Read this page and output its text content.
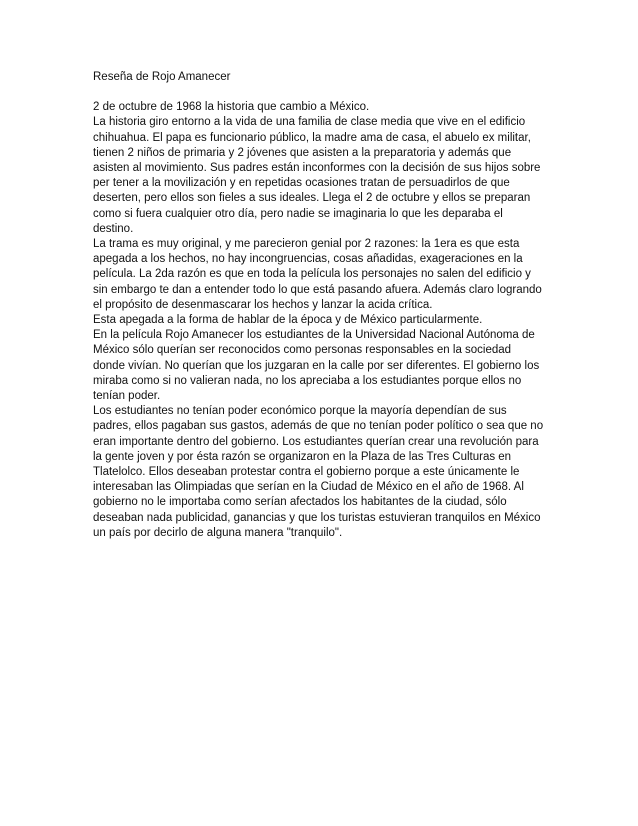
Reseña de Rojo Amanecer

2 de octubre de 1968 la historia que cambio a México.

La historia giro entorno a la vida de una familia de clase media que vive en el edificio chihuahua. El papa es funcionario público, la madre ama de casa, el abuelo ex militar, tienen 2 niños de primaria y 2 jóvenes que asisten a la preparatoria y además que asisten al movimiento. Sus padres están inconformes con la decisión de sus hijos sobre per tener a la movilización y en repetidas ocasiones tratan de persuadirlos de que deserten, pero ellos son fieles a sus ideales. Llega el 2 de octubre y ellos se preparan como si fuera cualquier otro día, pero nadie se imaginaria lo que les deparaba el destino.

La trama es muy original, y me parecieron genial por 2 razones: la 1era es que esta apegada a los hechos, no hay incongruencias, cosas añadidas, exageraciones en la película. La 2da razón es que en toda la película los personajes no salen del edificio y sin embargo te dan a entender todo lo que está pasando afuera. Además claro logrando el propósito de desenmascarar los hechos y lanzar la acida crítica.

Esta apegada a la forma de hablar de la época y de México particularmente.

En la película Rojo Amanecer los estudiantes de la Universidad Nacional Autónoma de México sólo querían ser reconocidos como personas responsables en la sociedad donde vivían. No querían que los juzgaran en la calle por ser diferentes. El gobierno los miraba como si no valieran nada, no los apreciaba a los estudiantes porque ellos no tenían poder.

Los estudiantes no tenían poder económico porque la mayoría dependían de sus padres, ellos pagaban sus gastos, además de que no tenían poder político o sea que no eran importante dentro del gobierno. Los estudiantes querían crear una revolución para la gente joven y por ésta razón se organizaron en la Plaza de las Tres Culturas en Tlatelolco. Ellos deseaban protestar contra el gobierno porque a este únicamente le interesaban las Olimpiadas que serían en la Ciudad de México en el año de 1968. Al gobierno no le importaba como serían afectados los habitantes de la ciudad, sólo deseaban nada publicidad, ganancias y que los turistas estuvieran tranquilos en México un país por decirlo de alguna manera "tranquilo".
